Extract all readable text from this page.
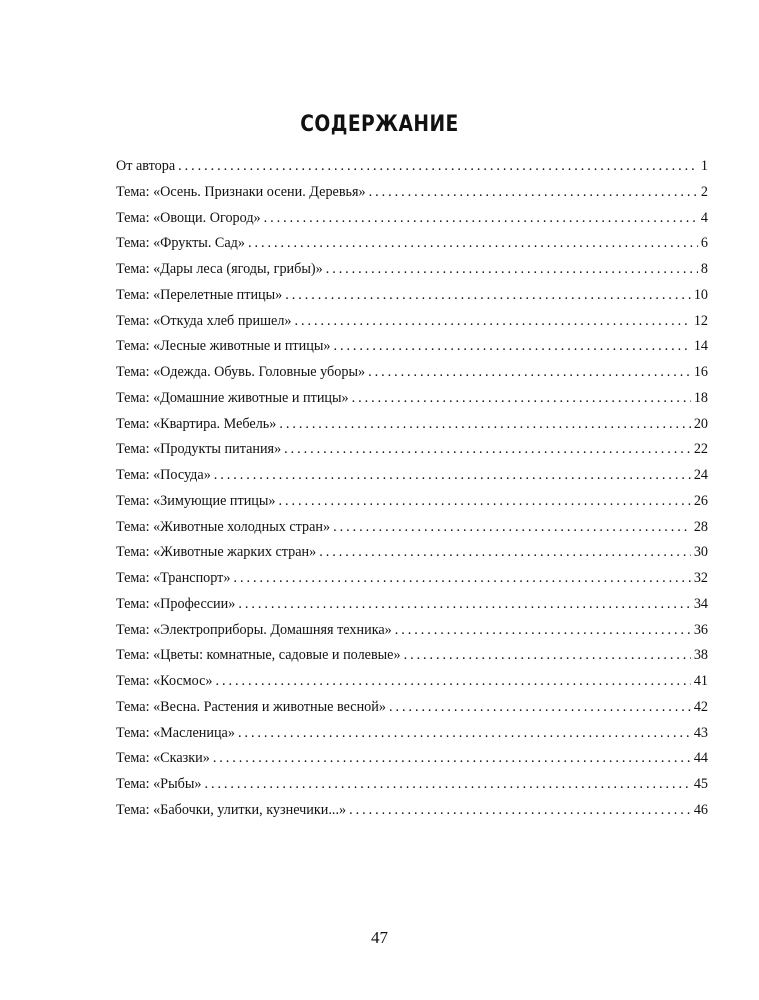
СОДЕРЖАНИЕ
От автора . . .	1
Тема: «Осень. Признаки осени. Деревья» . . .	2
Тема: «Овощи. Огород» . . .	4
Тема: «Фрукты. Сад» . . .	6
Тема: «Дары леса (ягоды, грибы)» . . .	8
Тема: «Перелетные птицы» . . .	10
Тема: «Откуда хлеб пришел» . . .	12
Тема: «Лесные животные и птицы» . . .	14
Тема: «Одежда. Обувь. Головные уборы» . . .	16
Тема: «Домашние животные и птицы» . . .	18
Тема: «Квартира. Мебель» . . .	20
Тема: «Продукты питания» . . .	22
Тема: «Посуда» . . .	24
Тема: «Зимующие птицы» . . .	26
Тема: «Животные холодных стран» . . .	28
Тема: «Животные жарких стран» . . .	30
Тема: «Транспорт» . . .	32
Тема: «Профессии» . . .	34
Тема: «Электроприборы. Домашняя техника» . . .	36
Тема: «Цветы: комнатные, садовые и полевые» . . .	38
Тема: «Космос» . . .	41
Тема: «Весна. Растения и животные весной» . . .	42
Тема: «Масленица» . . .	43
Тема: «Сказки» . . .	44
Тема: «Рыбы» . . .	45
Тема: «Бабочки, улитки, кузнечики...» . . .	46
47
